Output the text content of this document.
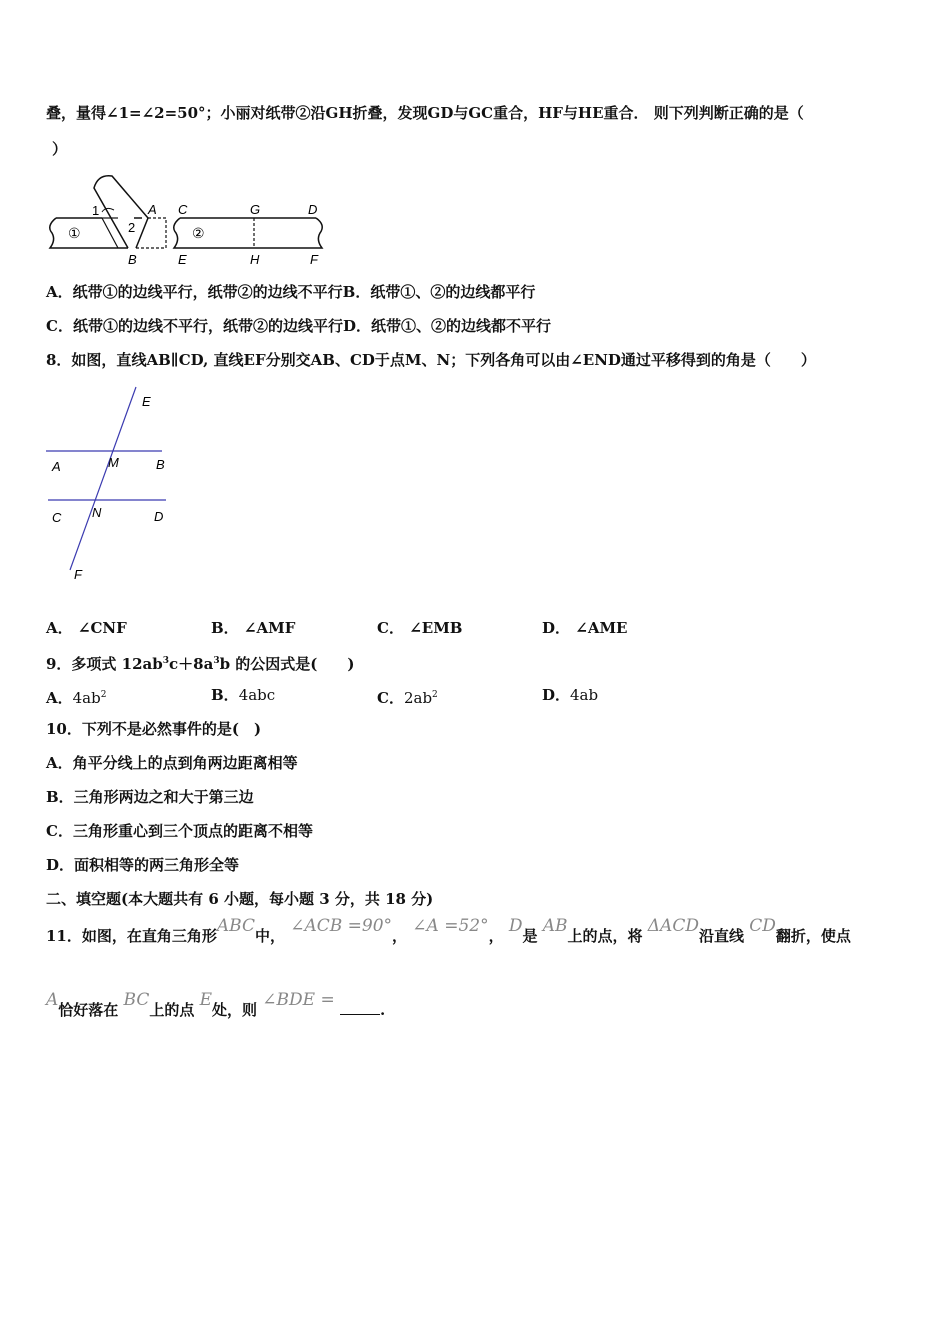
叠，量得∠1=∠2=50°；小丽对纸带②沿GH折叠，发现GD与GC重合，HF与HE重合． 则下列判断正确的是（
）
1
2
A
B
①	②
C	G	D
E	H	F
A．纸带①的边线平行，纸带②的边线不平行B．纸带①、②的边线都平行
C．纸带①的边线不平行，纸带②的边线平行D．纸带①、②的边线都不平行
8．如图，直线AB∥CD, 直线EF分别交AB、CD于点M、N；下列各角可以由∠END通过平移得到的角是（　　）
E
A	M	B
C N	D
F
A． ∠CNF	B． ∠AMF	C． ∠EMB	D． ∠AME
9．多项式 $12ab^3c+8a^3b$ 的公因式是(　　)
A．$4ab^2$	B．4abc	C．$2ab^2$	D．4ab
10．下列不是必然事件的是(　)
A．角平分线上的点到角两边距离相等
B．三角形两边之和大于第三边
C．三角形重心到三个顶点的距离不相等
D．面积相等的两三角形全等
二、填空题(本大题共有 6 小题，每小题 3 分，共 18 分)
11．如图，在直角三角形ABC中， ∠ACB =90°， ∠A =52°， D是 AB上的点，将 ΔACD沿直线 CD翻折，使点
A恰好落在 BC上的点 E处，则 ∠BDE =	.
